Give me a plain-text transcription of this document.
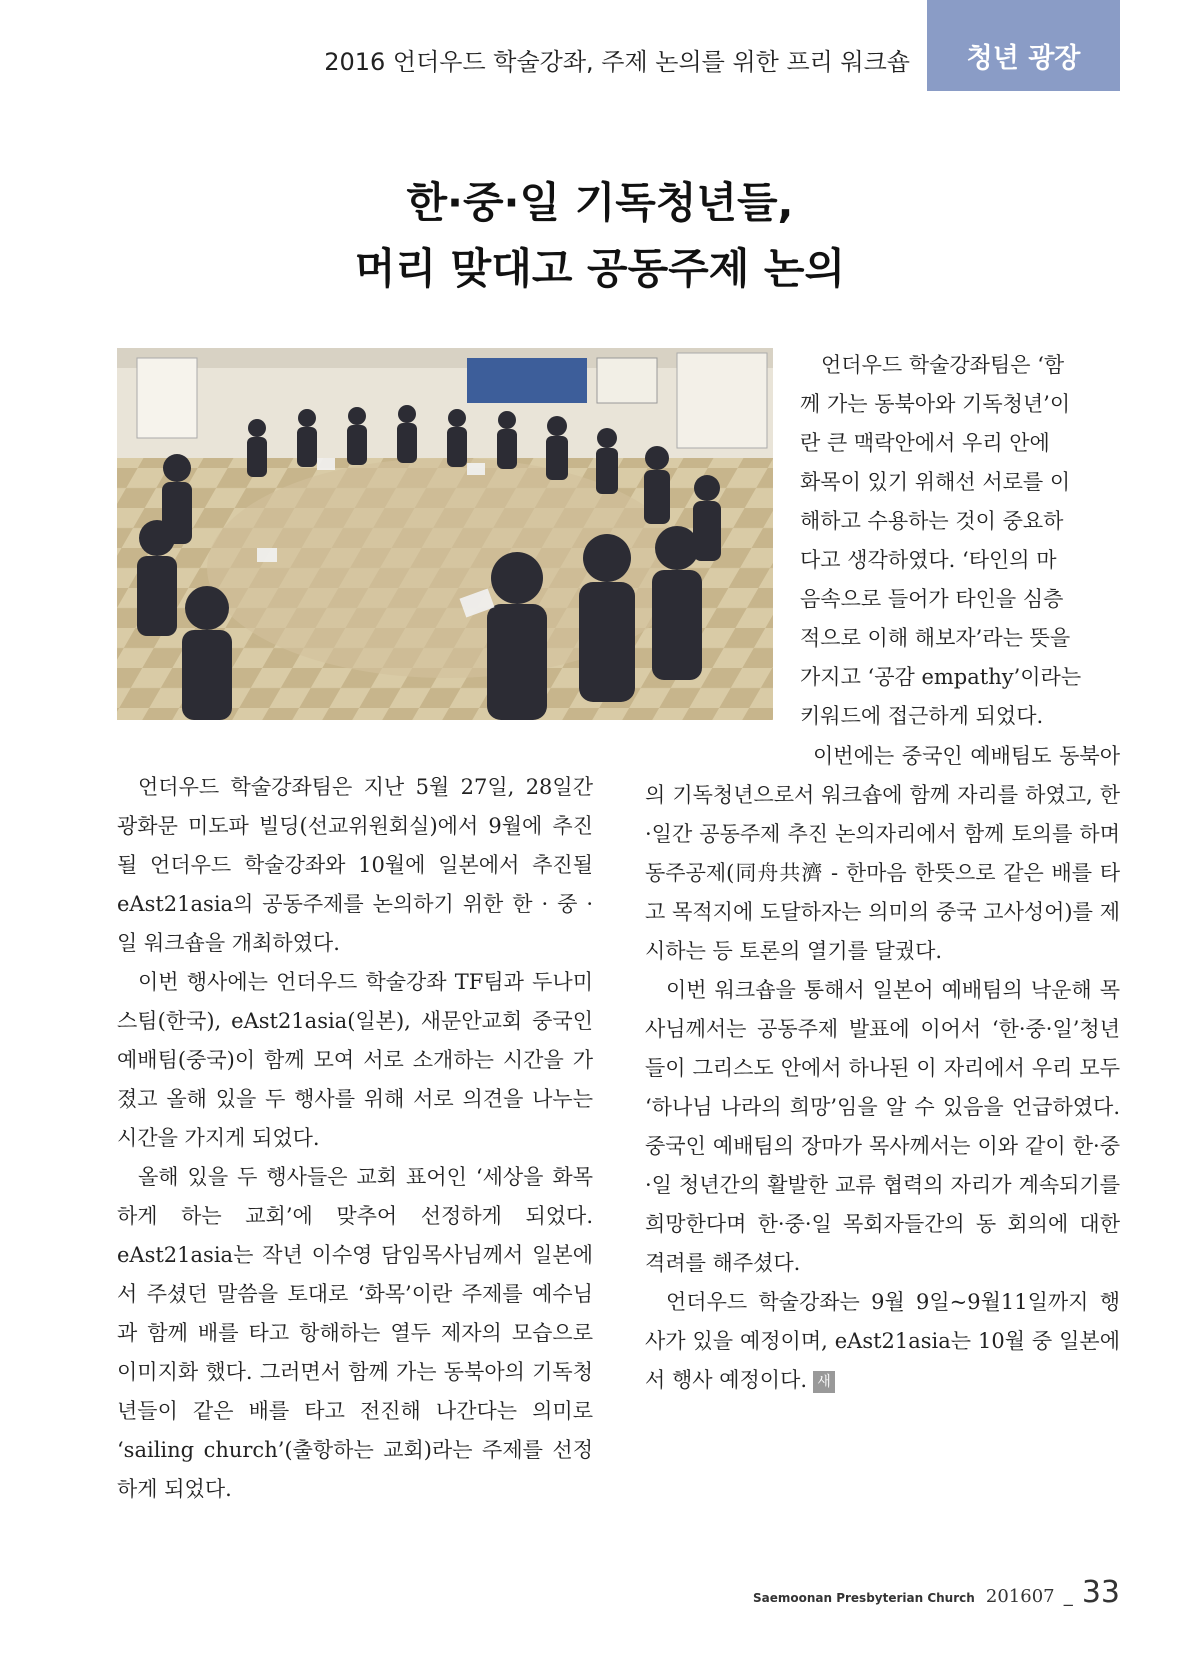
2016 언더우드 학술강좌, 주제 논의를 위한 프리 워크숍 청년 광장
한·중·일 기독청년들,
머리 맞대고 공동주제 논의
언더우드 학술강좌팀은 ‘함
께 가는 동북아와 기독청년’이
란 큰 맥락안에서 우리 안에
화목이 있기 위해선 서로를 이
해하고 수용하는 것이 중요하
다고 생각하였다. ‘타인의 마
음속으로 들어가 타인을 심층
적으로 이해 해보자’라는 뜻을
가지고 ‘공감 empathy’이라는
키워드에 접근하게 되었다.

언더우드 학술강좌팀은 지난 5월 27일, 28일간 광화문 미도파 빌딩(선교위원회실)에서 9월에 추진될 언더우드 학술강좌와 10월에 일본에서 추진될 eAst21asia의 공동주제를 논의하기 위한 한 · 중 · 일 워크숍을 개최하였다.

이번 행사에는 언더우드 학술강좌 TF팀과 두나미스팀(한국), eAst21asia(일본), 새문안교회 중국인예배팀(중국)이 함께 모여 서로 소개하는 시간을 가졌고 올해 있을 두 행사를 위해 서로 의견을 나누는 시간을 가지게 되었다.

올해 있을 두 행사들은 교회 표어인 ‘세상을 화목하게 하는 교회’에 맞추어 선정하게 되었다. eAst21asia는 작년 이수영 담임목사님께서 일본에서 주셨던 말씀을 토대로 ‘화목’이란 주제를 예수님과 함께 배를 타고 항해하는 열두 제자의 모습으로 이미지화 했다. 그러면서 함께 가는 동북아의 기독청년들이 같은 배를 타고 전진해 나간다는 의미로 ‘sailing church’(출항하는 교회)라는 주제를 선정하게 되었다.

이번에는 중국인 예배팀도 동북아의 기독청년으로서 워크숍에 함께 자리를 하였고, 한·일간 공동주제 추진 논의자리에서 함께 토의를 하며 동주공제(同舟共濟 - 한마음 한뜻으로 같은 배를 타고 목적지에 도달하자는 의미의 중국 고사성어)를 제시하는 등 토론의 열기를 달궜다.

이번 워크숍을 통해서 일본어 예배팀의 낙운해 목사님께서는 공동주제 발표에 이어서 ‘한·중·일’청년들이 그리스도 안에서 하나된 이 자리에서 우리 모두 ‘하나님 나라의 희망’임을 알 수 있음을 언급하였다. 중국인 예배팀의 장마가 목사께서는 이와 같이 한·중·일 청년간의 활발한 교류 협력의 자리가 계속되기를 희망한다며 한·중·일 목회자들간의 동 회의에 대한 격려를 해주셨다.

언더우드 학술강좌는 9월 9일~9월11일까지 행사가 있을 예정이며, eAst21asia는 10월 중 일본에서 행사 예정이다. 새

Saemoonan Presbyterian Church 201607 _ 33
